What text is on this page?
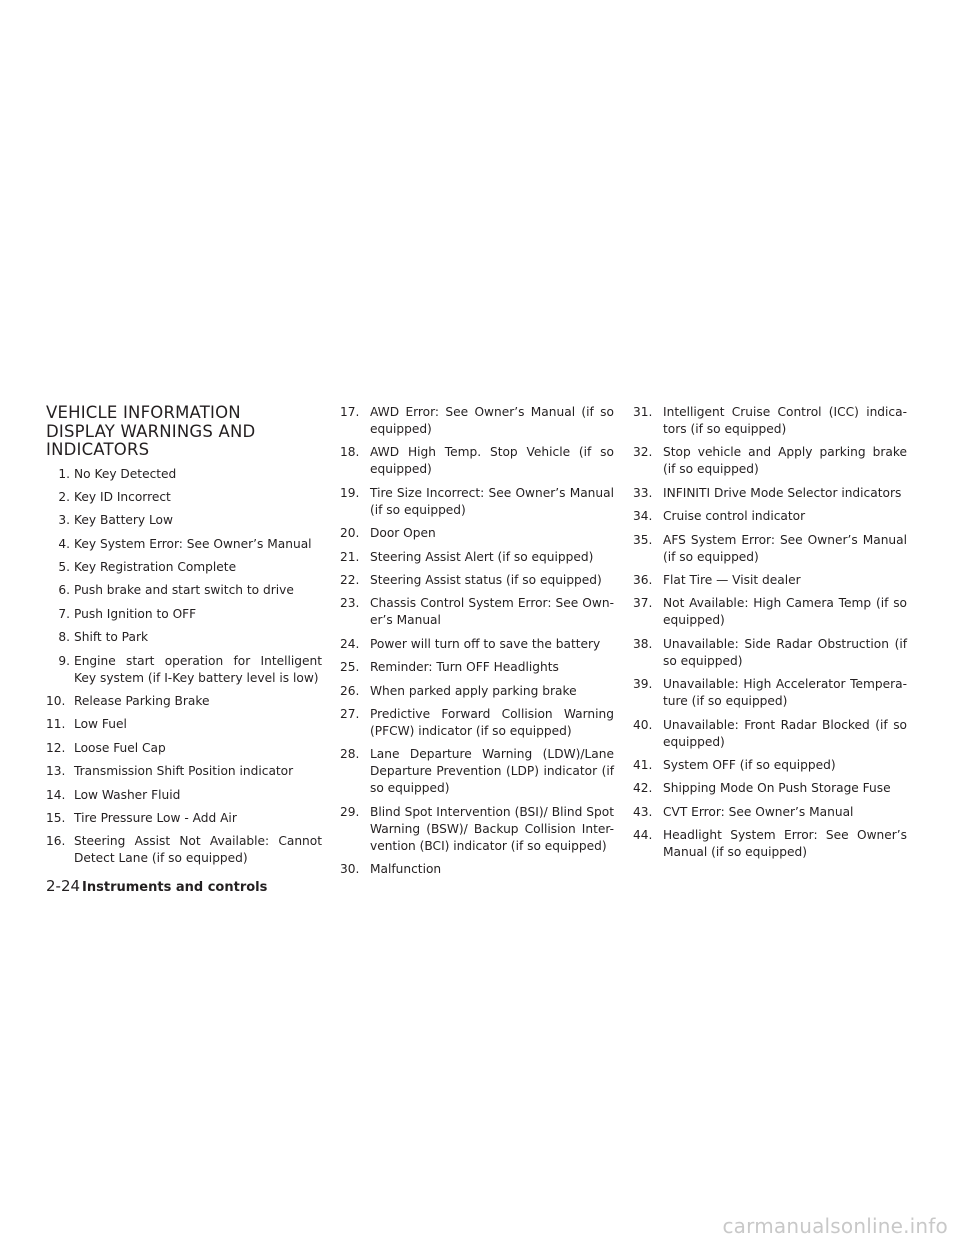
VEHICLE INFORMATION
DISPLAY WARNINGS AND
INDICATORS
1. No Key Detected
2. Key ID Incorrect
3. Key Battery Low
4. Key System Error: See Owner’s Manual
5. Key Registration Complete
6. Push brake and start switch to drive
7. Push Ignition to OFF
8. Shift to Park
9. Engine start operation for Intelligent Key system (if I-Key battery level is low)
10. Release Parking Brake
11. Low Fuel
12. Loose Fuel Cap
13. Transmission Shift Position indicator
14. Low Washer Fluid
15. Tire Pressure Low - Add Air
16. Steering Assist Not Available: Cannot Detect Lane (if so equipped)
17. AWD Error: See Owner’s Manual (if so equipped)
18. AWD High Temp. Stop Vehicle (if so equipped)
19. Tire Size Incorrect: See Owner’s Manual (if so equipped)
20. Door Open
21. Steering Assist Alert (if so equipped)
22. Steering Assist status (if so equipped)
23. Chassis Control System Error: See Own-er’s Manual
24. Power will turn off to save the battery
25. Reminder: Turn OFF Headlights
26. When parked apply parking brake
27. Predictive Forward Collision Warning (PFCW) indicator (if so equipped)
28. Lane Departure Warning (LDW)/Lane Departure Prevention (LDP) indicator (if so equipped)
29. Blind Spot Intervention (BSI)/ Blind Spot Warning (BSW)/ Backup Collision Inter-vention (BCI) indicator (if so equipped)
30. Malfunction
31. Intelligent Cruise Control (ICC) indica-tors (if so equipped)
32. Stop vehicle and Apply parking brake (if so equipped)
33. INFINITI Drive Mode Selector indicators
34. Cruise control indicator
35. AFS System Error: See Owner’s Manual (if so equipped)
36. Flat Tire — Visit dealer
37. Not Available: High Camera Temp (if so equipped)
38. Unavailable: Side Radar Obstruction (if so equipped)
39. Unavailable: High Accelerator Tempera-ture (if so equipped)
40. Unavailable: Front Radar Blocked (if so equipped)
41. System OFF (if so equipped)
42. Shipping Mode On Push Storage Fuse
43. CVT Error: See Owner’s Manual
44. Headlight System Error: See Owner’s Manual (if so equipped)
2-24 Instruments and controls
carmanualsonline.info
